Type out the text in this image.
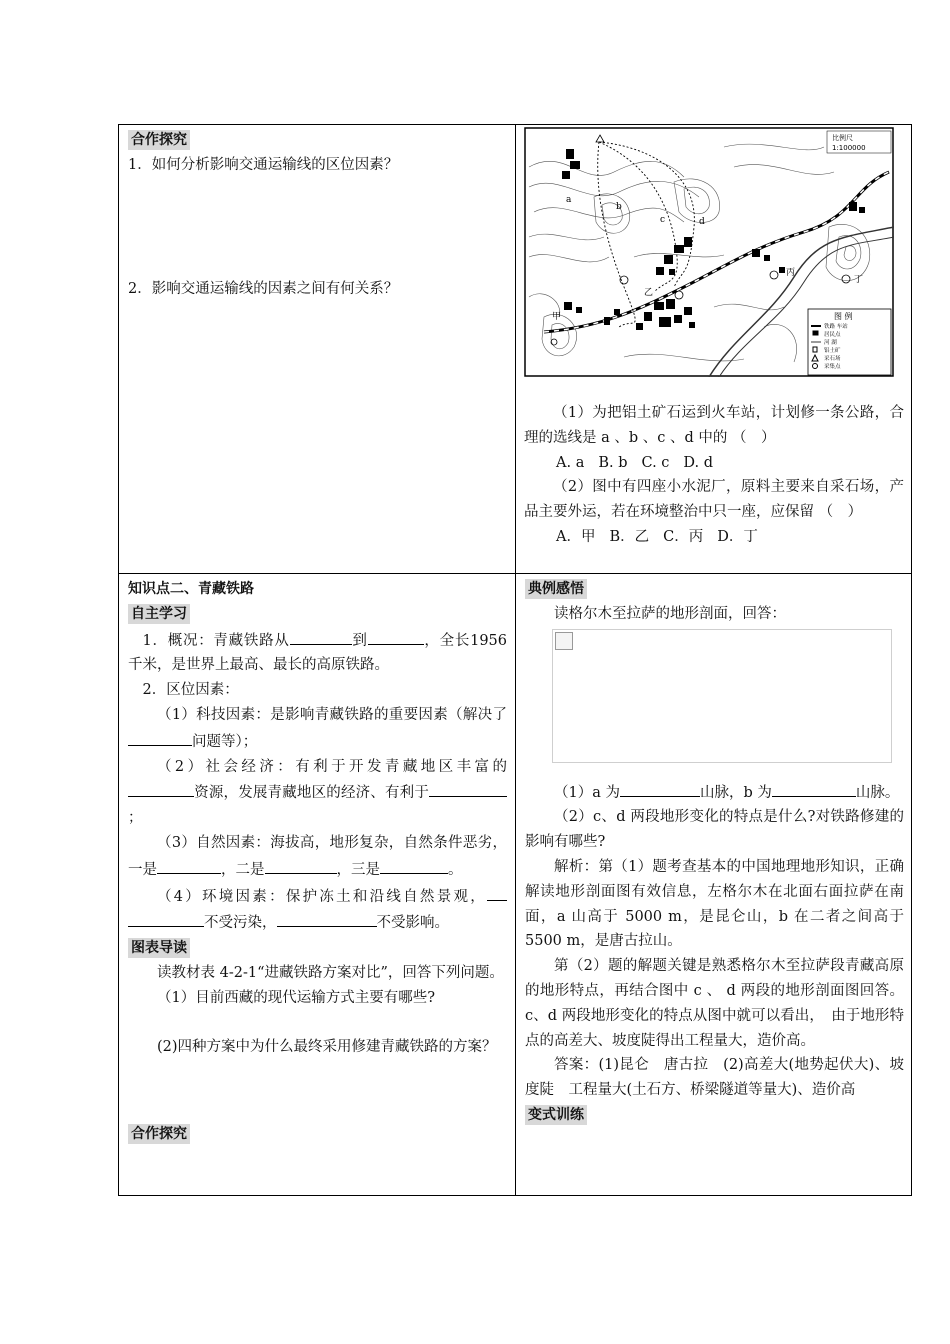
合作探究

1．如何分析影响交通运输线的区位因素？

2．影响交通运输线的因素之间有何关系？

比例尺
1:100000
图 例
铁路 车站
居民点
河 湖
铝土矿
采石场
采集点
a
b
c	d
甲
乙
丙
丁

（1）为把铝土矿石运到火车站，计划修一条公路，合理的选线是 a 、b 、c 、d 中的 （　）

A. a B. b C. c D. d

（2）图中有四座小水泥厂，原料主要来自采石场，产品主要外运，若在环境整治中只一座，应保留 （　）

A．甲 B．乙 C．丙 D．丁

知识点二、青藏铁路

自主学习

1．概况：青藏铁路从	到	，全长1956千米，是世界上最高、最长的高原铁路。

2．区位因素：

（1）科技因素：是影响青藏铁路的重要因素（解决了问题等）；

（2）社会经济：有利于开发青藏地区丰富的资源，发展青藏地区的经济、有利于；

（3）自然因素：海拔高，地形复杂，自然条件恶劣，一是	，二是	，三是	。

（4）环境因素：保护冻土和沿线自然景观，不受污染，	不受影响。

图表导读

读教材表 4-2-1“进藏铁路方案对比”，回答下列问题。

（1）目前西藏的现代运输方式主要有哪些?

(2)四种方案中为什么最终采用修建青藏铁路的方案？

合作探究
典例感悟

读格尔木至拉萨的地形剖面，回答：

（1）a 为	山脉，b 为	山脉。

（2）c、d 两段地形变化的特点是什么?对铁路修建的影响有哪些?

解析：第（1）题考查基本的中国地理地形知识，正确解读地形剖面图有效信息，左格尔木在北面右面拉萨在南面，a 山高于 5000 m，是昆仑山，b 在二者之间高于 5500 m，是唐古拉山。

第（2）题的解题关键是熟悉格尔木至拉萨段青藏高原的地形特点，再结合图中 c 、 d 两段的地形剖面图回答。c、d 两段地形变化的特点从图中就可以看出，　由于地形特点的高差大、坡度陡得出工程量大，造价高。

答案：(1)昆仑　唐古拉　(2)高差大(地势起伏大)、坡度陡　工程量大(土石方、桥梁隧道等量大)、造价高

变式训练
